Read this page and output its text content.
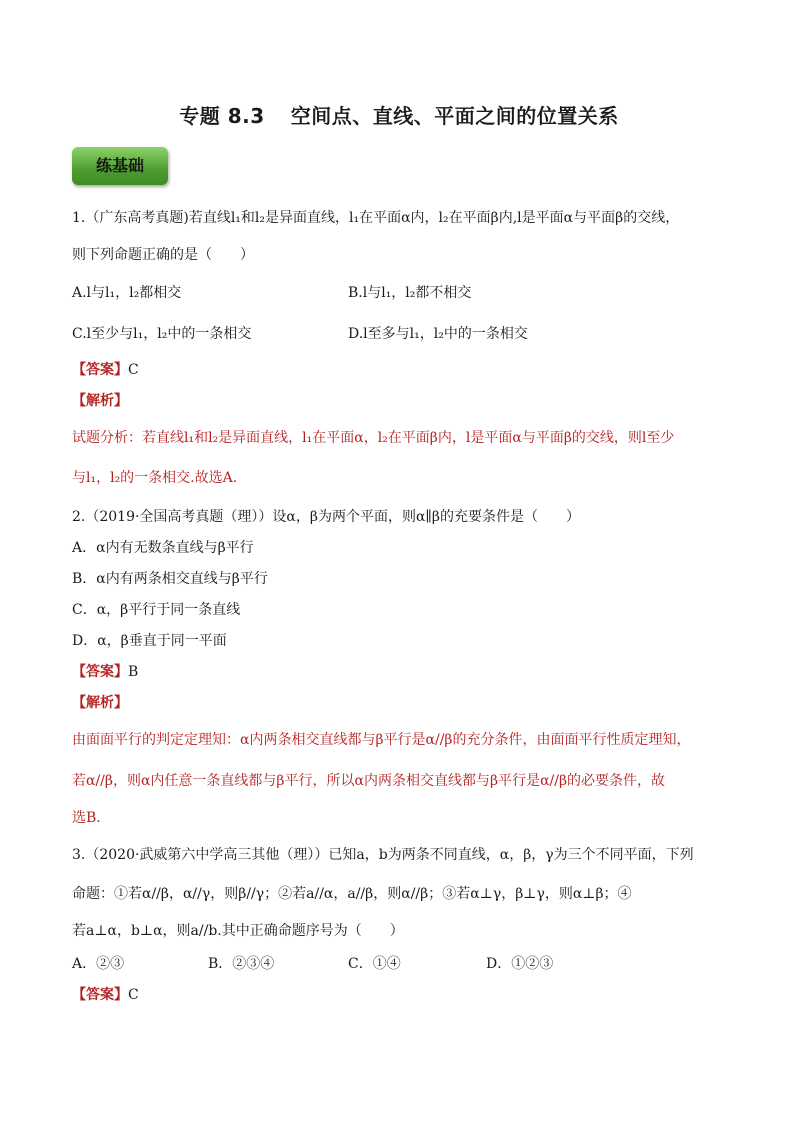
专题 8.3 空间点、直线、平面之间的位置关系
练基础
1.（广东高考真题)若直线l₁和l₂是异面直线，l₁在平面α内，l₂在平面β内,l是平面α与平面β的交线，
则下列命题正确的是（　　）
A.l与l₁，l₂都相交	B.l与l₁，l₂都不相交
C.l至少与l₁，l₂中的一条相交	D.l至多与l₁，l₂中的一条相交
【答案】C
【解析】
试题分析：若直线l₁和l₂是异面直线，l₁在平面α，l₂在平面β内，l是平面α与平面β的交线，则l至少
与l₁，l₂的一条相交.故选A.
2.（2019·全国高考真题（理））设α，β为两个平面，则α∥β的充要条件是（　　）
A．α内有无数条直线与β平行
B．α内有两条相交直线与β平行
C．α，β平行于同一条直线
D．α，β垂直于同一平面
【答案】B
【解析】
由面面平行的判定定理知：α内两条相交直线都与β平行是α//β的充分条件，由面面平行性质定理知，
若α//β，则α内任意一条直线都与β平行，所以α内两条相交直线都与β平行是α//β的必要条件，故
选B.
3.（2020·武威第六中学高三其他（理））已知a，b为两条不同直线，α，β，γ为三个不同平面，下列
命题：①若α//β，α//γ，则β//γ；②若a//α，a//β，则α//β；③若α⊥γ，β⊥γ，则α⊥β；④
若a⊥α，b⊥α，则a//b.其中正确命题序号为（　　）
A．②③	B．②③④	C．①④	D．①②③
【答案】C
